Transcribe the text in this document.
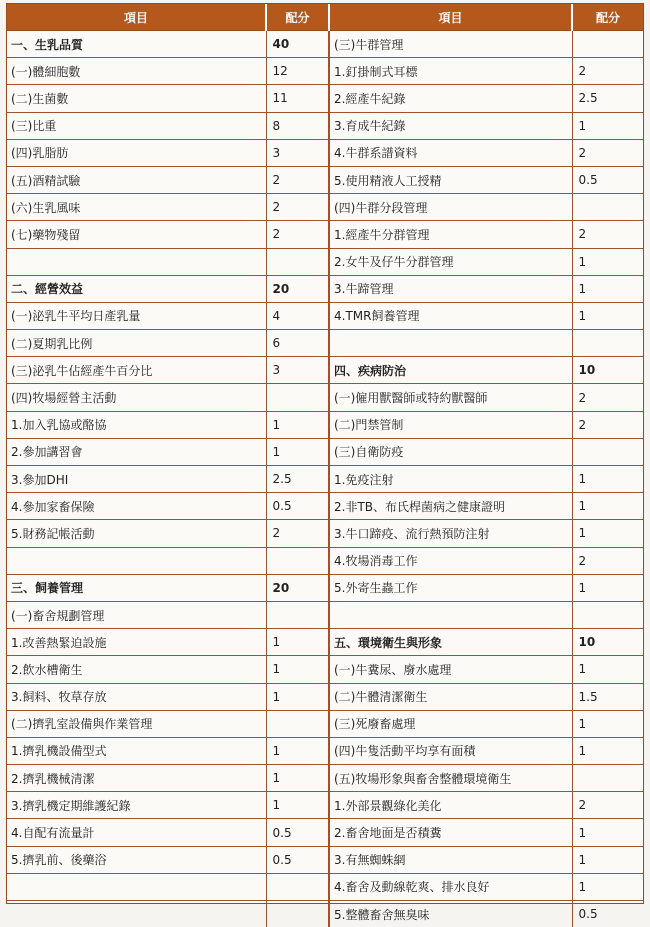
項目	配分	項目	配分
一、生乳品質	40	(三)牛群管理	
(一)體細胞數	12	1.釘掛制式耳標	2
(二)生菌數	11	2.經產牛紀錄	2.5
(三)比重	8	3.育成牛紀錄	1
(四)乳脂肪	3	4.牛群系譜資料	2
(五)酒精試驗	2	5.使用精液人工授精	0.5
(六)生乳風味	2	(四)牛群分段管理	
(七)藥物殘留	2	1.經產牛分群管理	2
		2.女牛及仔牛分群管理	1
二、經營效益	20	3.牛蹄管理	1
(一)泌乳牛平均日產乳量	4	4.TMR飼養管理	1
(二)夏期乳比例	6		
(三)泌乳牛佔經產牛百分比	3	四、疾病防治	10
(四)牧場經營主活動		(一)僱用獸醫師或特約獸醫師	2
1.加入乳協或酪協	1	(二)門禁管制	2
2.參加講習會	1	(三)自衛防疫	
3.參加DHI	2.5	1.免疫注射	1
4.參加家畜保險	0.5	2.非TB、布氏桿菌病之健康證明	1
5.財務記帳活動	2	3.牛口蹄疫、流行熱預防注射	1
		4.牧場消毒工作	2
三、飼養管理	20	5.外寄生蟲工作	1
(一)畜舍規劃管理			
1.改善熱緊迫設施	1	五、環境衛生與形象	10
2.飲水槽衛生	1	(一)牛糞尿、廢水處理	1
3.飼料、牧草存放	1	(二)牛體清潔衛生	1.5
(二)擠乳室設備與作業管理		(三)死廢畜處理	1
1.擠乳機設備型式	1	(四)牛隻活動平均享有面積	1
2.擠乳機械清潔	1	(五)牧場形象與畜舍整體環境衛生	
3.擠乳機定期維護紀錄	1	1.外部景觀綠化美化	2
4.自配有流量計	0.5	2.畜舍地面是否積糞	1
5.擠乳前、後藥浴	0.5	3.有無蜘蛛網	1
		4.畜舍及動線乾爽、排水良好	1
		5.整體畜舍無臭味	0.5
